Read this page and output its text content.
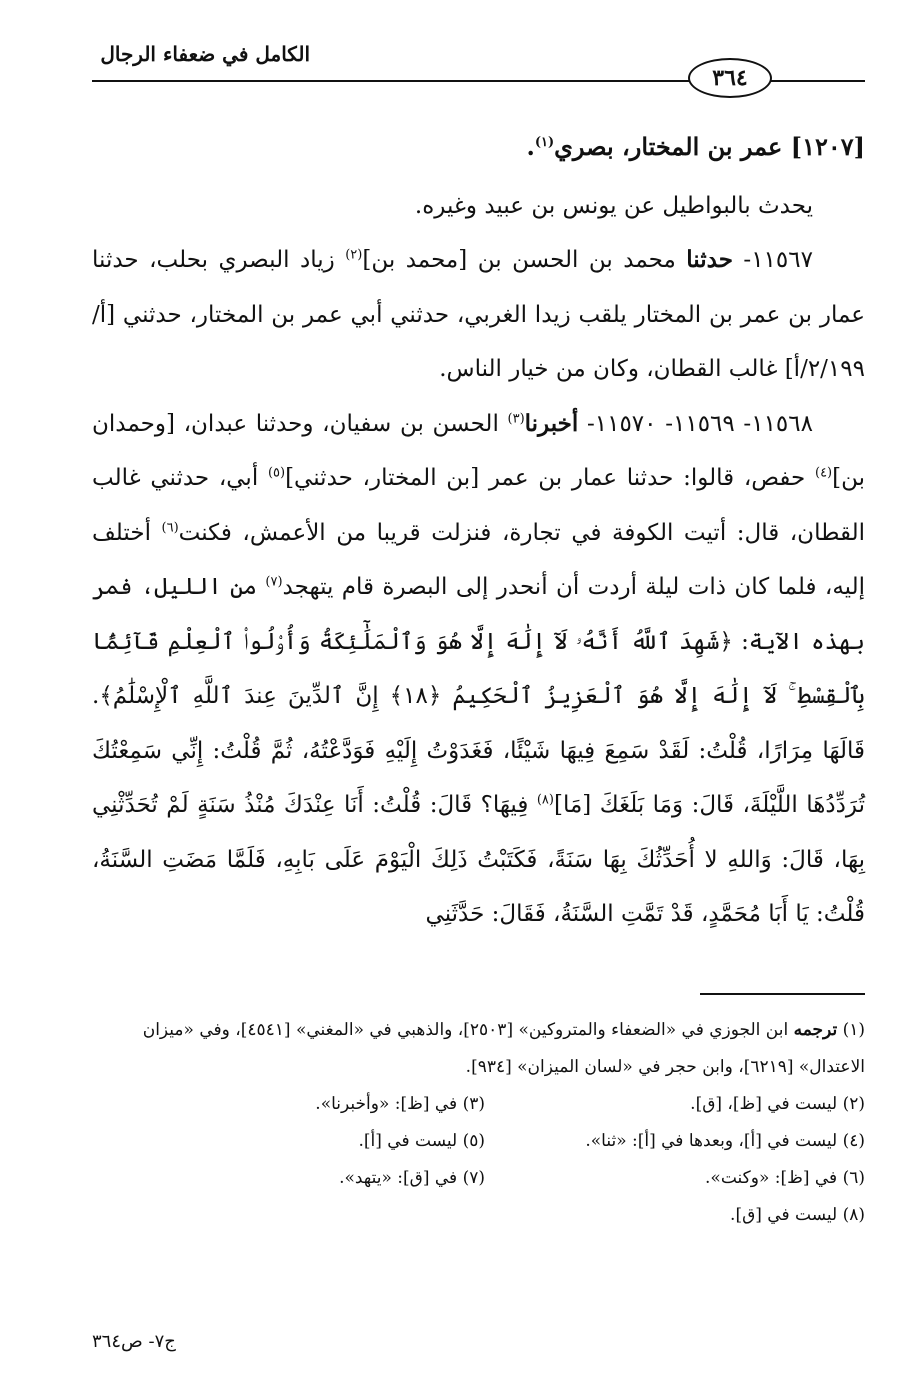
الكامل في ضعفاء الرجال
٣٦٤

[١٢٠٧] عمر بن المختار، بصري$^{(١)}$.

يحدث بالبواطيل عن يونس بن عبيد وغيره.

١١٥٦٧- حدثنا محمد بن الحسن بن [محمد بن]$^{(٢)}$ زياد البصري بحلب، حدثنا عمار بن عمر بن المختار يلقب زيدا الغربي، حدثني أبي عمر بن المختار، حدثني [أ/٢/١٩٩/أ] غالب القطان، وكان من خيار الناس.

١١٥٦٨- ١١٥٦٩- ١١٥٧٠- أخبرنا$^{(٣)}$ الحسن بن سفيان، وحدثنا عبدان، [وحمدان بن]$^{(٤)}$ حفص، قالوا: حدثنا عمار بن عمر [بن المختار، حدثني]$^{(٥)}$ أبي، حدثني غالب القطان، قال: أتيت الكوفة في تجارة، فنزلت قريبا من الأعمش، فكنت$^{(٦)}$ أختلف إليه، فلما كان ذات ليلة أردت أن أنحدر إلى البصرة قام يتهجد$^{(٧)}$ من الليل، فمر بهذه الآية: ﴿شَهِدَ ٱللَّهُ أَنَّهُۥ لَآ إِلَٰهَ إِلَّا هُوَ وَٱلْمَلَٰٓئِكَةُ وَأُو۟لُوا۟ ٱلْعِلْمِ قَآئِمًۢا بِٱلْقِسْطِ ۚ لَآ إِلَٰهَ إِلَّا هُوَ ٱلْعَزِيزُ ٱلْحَكِيمُ ﴿١٨﴾ إِنَّ ٱلدِّينَ عِندَ ٱللَّهِ ٱلْإِسْلَٰمُ﴾. قَالَهَا مِرَارًا، قُلْتُ: لَقَدْ سَمِعَ فِيهَا شَيْئًا، فَغَدَوْتُ إِلَيْهِ فَوَدَّعْتُهُ، ثُمَّ قُلْتُ: إِنِّي سَمِعْتُكَ تُرَدِّدُهَا اللَّيْلَةَ، قَالَ: وَمَا بَلَغَكَ [مَا]$^{(٨)}$ فِيهَا؟ قَالَ: قُلْتُ: أَنَا عِنْدَكَ مُنْذُ سَنَةٍ لَمْ تُحَدِّثْنِي بِهَا، قَالَ: وَاللهِ لا أُحَدِّثُكَ بِهَا سَنَةً، فَكَتَبْتُ ذَلِكَ الْيَوْمَ عَلَى بَابِهِ، فَلَمَّا مَضَتِ السَّنَةُ، قُلْتُ: يَا أَبَا مُحَمَّدٍ، قَدْ تَمَّتِ السَّنَةُ، فَقَالَ: حَدَّثَنِي

(١) ترجمه ابن الجوزي في «الضعفاء والمتروكين» [٢٥٠٣]، والذهبي في «المغني» [٤٥٤١]، وفي «ميزان الاعتدال» [٦٢١٩]، وابن حجر في «لسان الميزان» [٩٣٤].

(٢) ليست في [ظ]، [ق].
(٣) في [ظ]: «وأخبرنا».
(٤) ليست في [أ]، وبعدها في [أ]: «ثنا».
(٥) ليست في [أ].
(٦) في [ظ]: «وكنت».
(٧) في [ق]: «يتهد».

(٨) ليست في [ق].

ج٧- ص٣٦٤
